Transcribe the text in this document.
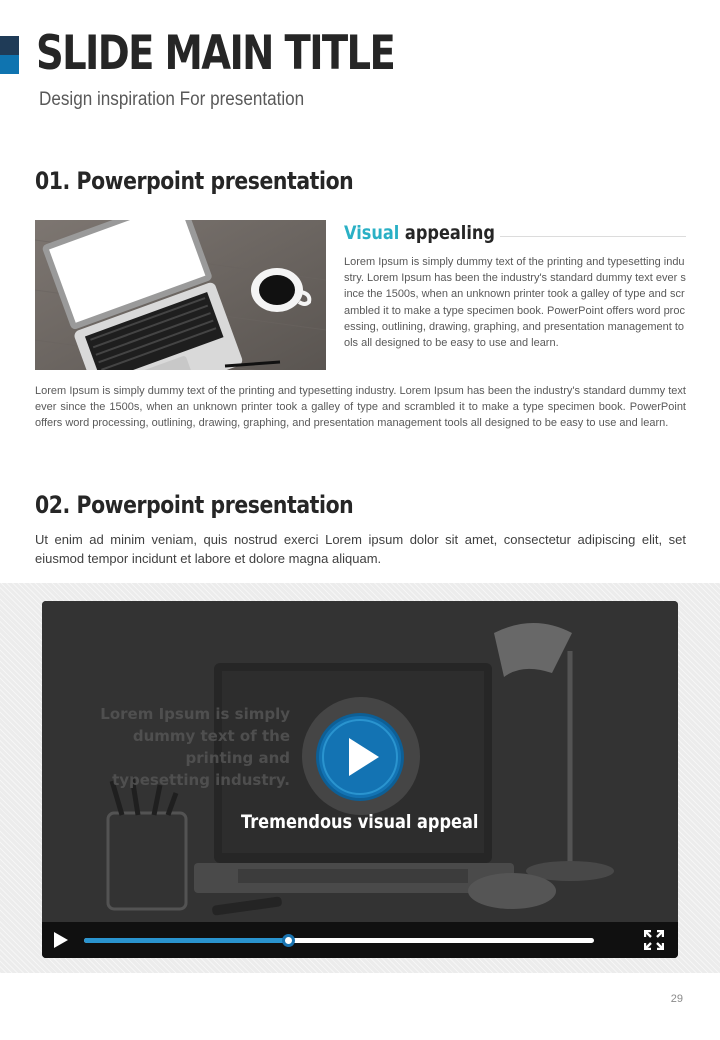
SLIDE MAIN TITLE
Design inspiration For presentation
01. Powerpoint presentation
Visual appealing
Lorem Ipsum is simply dummy text of the printing and typesetting industry. Lorem Ipsum has been the industry's standard dummy text ever since the 1500s, when an unknown printer took a galley of type and scrambled it to make a type specimen book. PowerPoint offers word processing, outlining, drawing, graphing, and presentation management tools all designed to be easy to use and learn.
Lorem Ipsum is simply dummy text of the printing and typesetting industry. Lorem Ipsum has been the industry's standard dummy text ever since the 1500s, when an unknown printer took a galley of type and scrambled it to make a type specimen book. PowerPoint offers word processing, outlining, drawing, graphing, and presentation management tools all designed to be easy to use and learn.
02. Powerpoint presentation
Ut enim ad minim veniam, quis nostrud exerci Lorem ipsum dolor sit amet, consectetur adipiscing elit, set eiusmod tempor incidunt et labore et dolore magna aliquam.
Lorem Ipsum is simply dummy text of the printing and typesetting industry.
Tremendous visual appeal
29
